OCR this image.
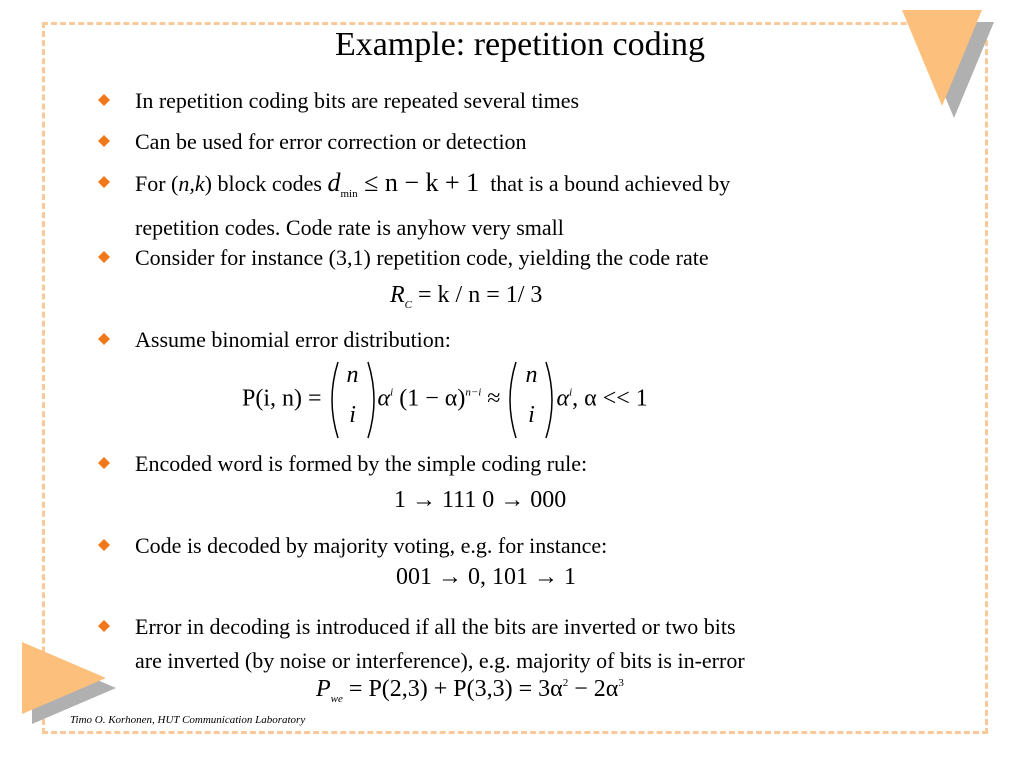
Example: repetition coding
In repetition coding bits are repeated several times
Can be used for error correction or detection
For (n,k) block codes $d_{min} \le n - k + 1$ that is a bound achieved by
repetition codes. Code rate is anyhow very small
Consider for instance (3,1) repetition code, yielding the code rate
$R_C = k / n = 1/$ 3
Assume binomial error distribution:
P(i, n) =
n
i
$\alpha^i$ $(1 - \alpha)^{n-i}$ ≈
n
i
$\alpha^i$, α << 1
Encoded word is formed by the simple coding rule:
1 → 111 0 → 000
Code is decoded by majority voting, e.g. for instance:
001 → 0, 101 → 1
Error in decoding is introduced if all the bits are inverted or two bits
are inverted (by noise or interference), e.g. majority of bits is in-error
$P_{we} = P(2,3) + P(3,3) = 3\alpha^2 - 2\alpha^3$
Timo O. Korhonen, HUT Communication Laboratory
